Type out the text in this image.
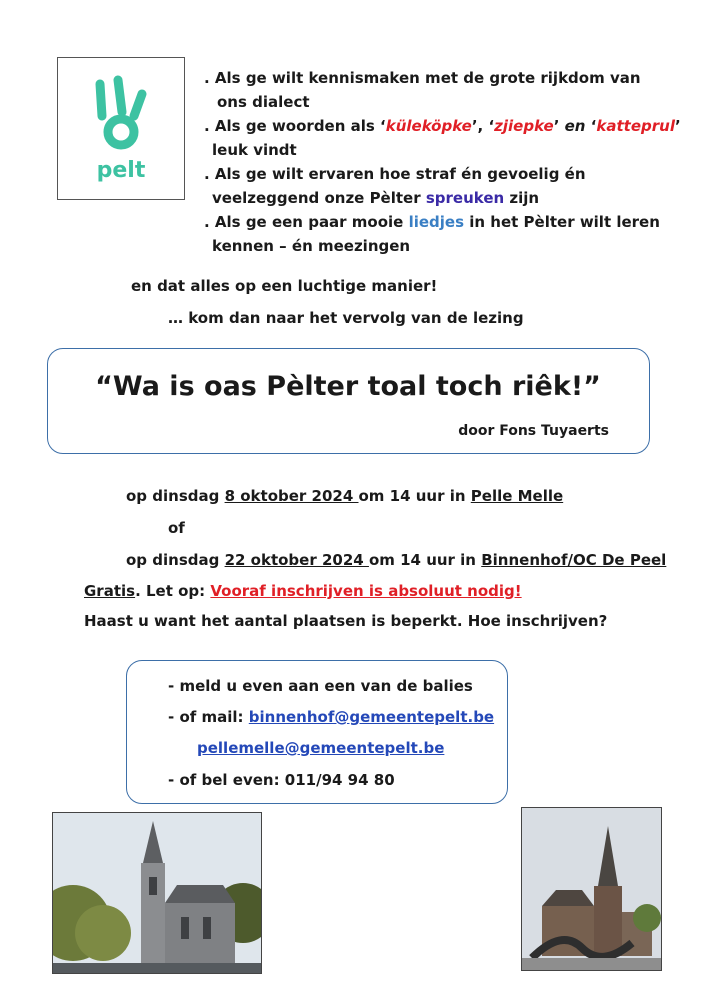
pelt
. Als ge wilt kennismaken met de grote rijkdom van
ons dialect
. Als ge woorden als ‘küleköpke’, ‘zjiepke’ en ‘katteprul’
leuk vindt
. Als ge wilt ervaren hoe straf én gevoelig én
veelzeggend onze Pèlter spreuken zijn
. Als ge een paar mooie liedjes in het Pèlter wilt leren
kennen – én meezingen
en dat alles op een luchtige manier!
… kom dan naar het vervolg van de lezing
“Wa is oas Pèlter toal toch riêk!”
door Fons Tuyaerts
op dinsdag 8 oktober 2024 om 14 uur in Pelle Melle
of
op dinsdag 22 oktober 2024 om 14 uur in Binnenhof/OC De Peel
Gratis. Let op: Vooraf inschrijven is absoluut nodig!
Haast u want het aantal plaatsen is beperkt. Hoe inschrijven?
- meld u even aan een van de balies
- of mail: binnenhof@gemeentepelt.be
pellemelle@gemeentepelt.be
- of bel even: 011/94 94 80
